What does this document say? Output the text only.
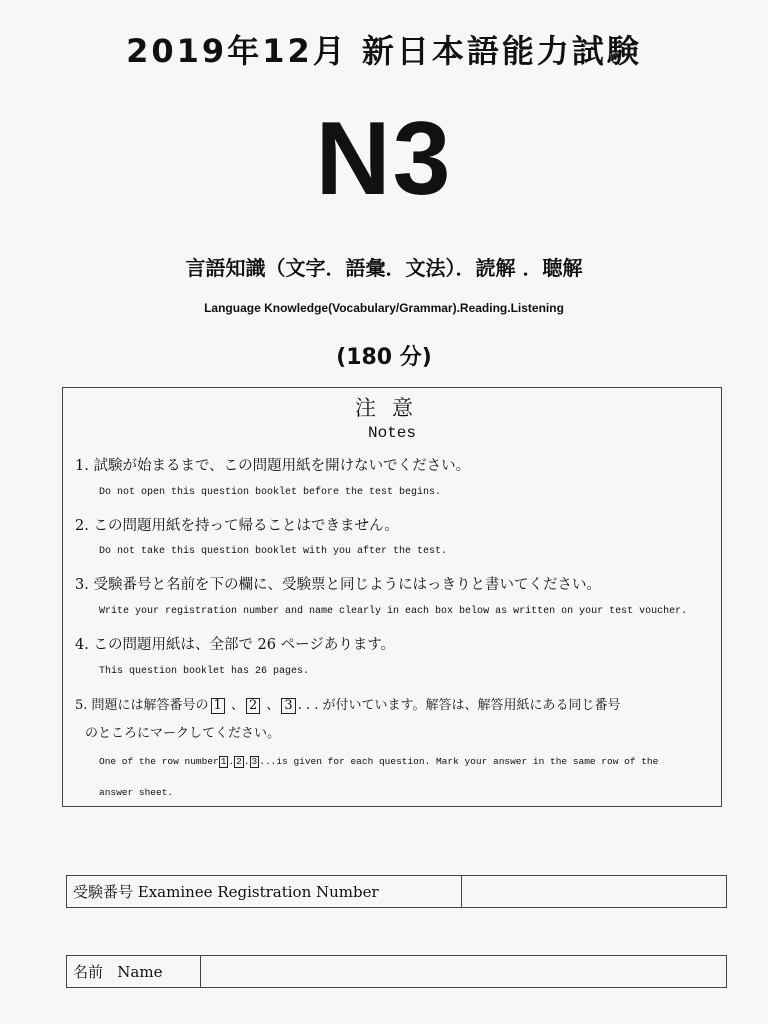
2019年12月 新日本語能力試験
N3
言語知識（文字．語彙．文法）．読解 ．聴解
Language Knowledge(Vocabulary/Grammar).Reading.Listening
(180 分)
注意
Notes
1. 試験が始まるまで、この問題用紙を開けないでください。
Do not open this question booklet before the test begins.
2. この問題用紙を持って帰ることはできません。
Do not take this question booklet with you after the test.
3. 受験番号と名前を下の欄に、受験票と同じようにはっきりと書いてください。
Write your registration number and name clearly in each box below as written on your test voucher.
4. この問題用紙は、全部で 26 ページあります。
This question booklet has 26 pages.
5. 問題には解答番号の 1 、 2 、 3 . . . が付いています。解答は、解答用紙にある同じ番号
のところにマークしてください。
One of the row number 1 . 2 . 3 ...is given for each question. Mark your answer in the same row of the
answer sheet.
受験番号 Examinee Registration Number
名前   Name
